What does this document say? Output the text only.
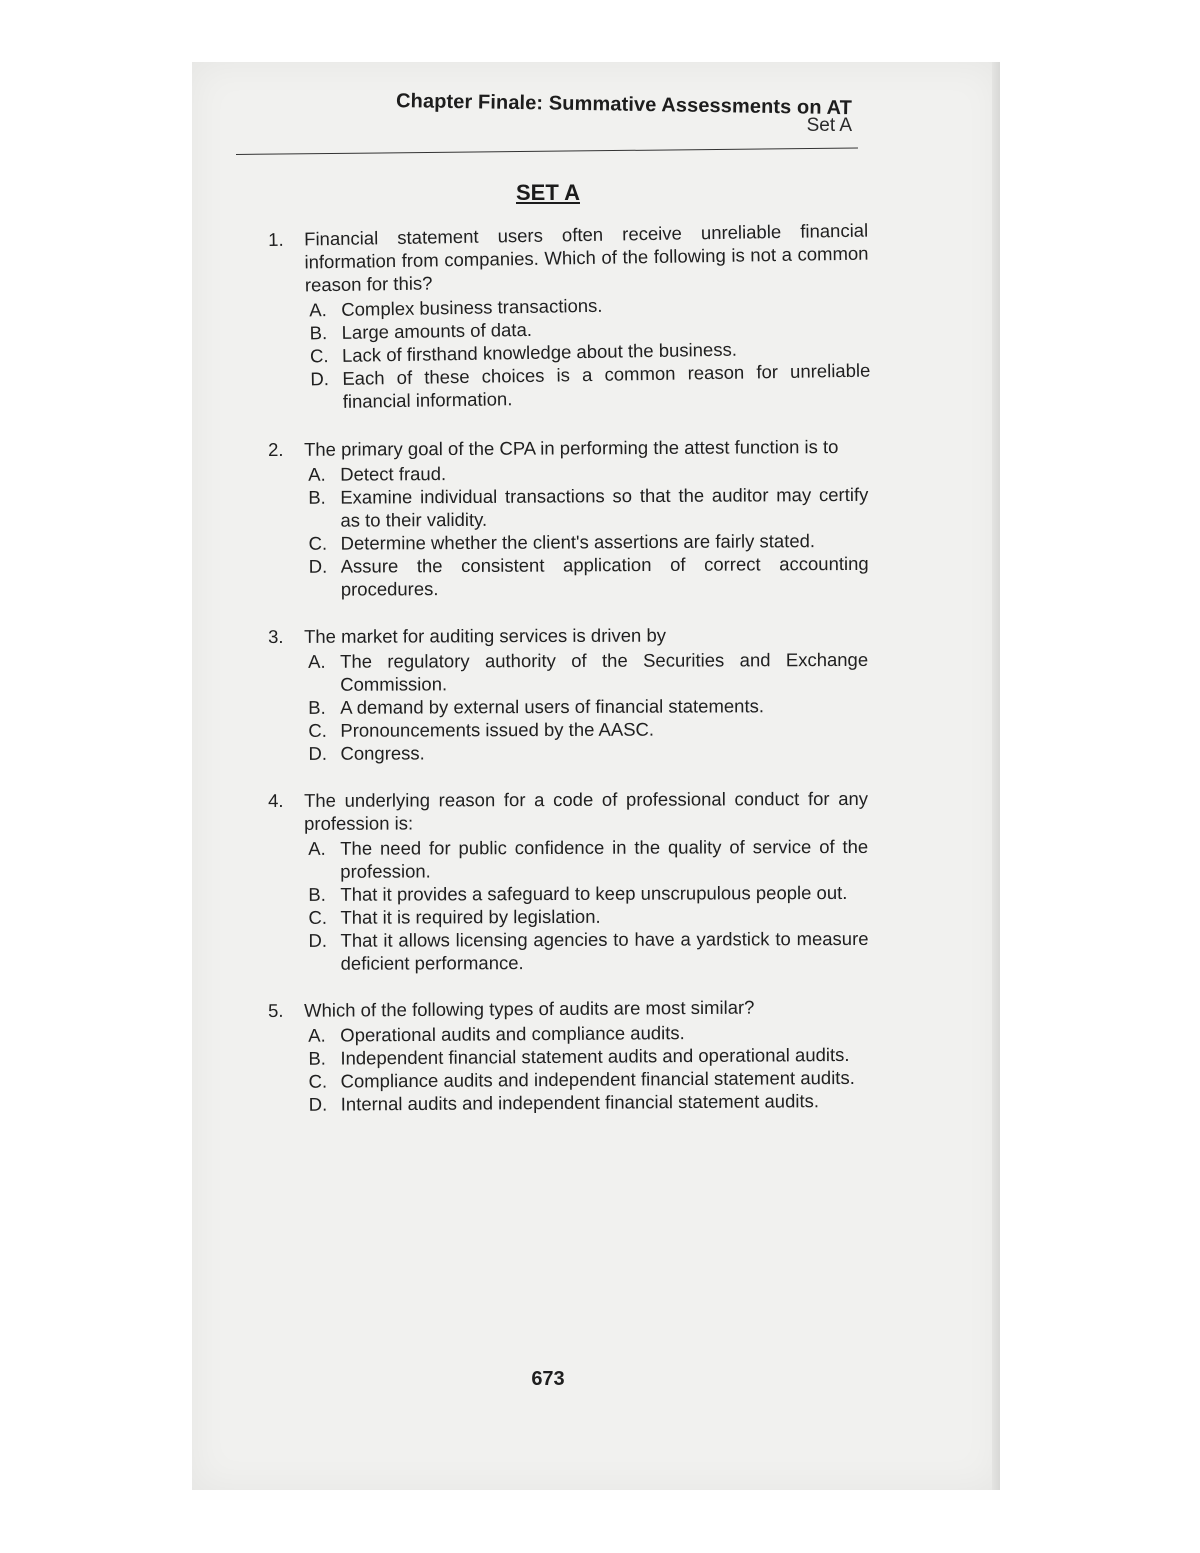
Chapter Finale: Summative Assessments on AT
Set A
SET A
1.	Financial statement users often receive unreliable financial information from companies. Which of the following is not a common reason for this?
A. Complex business transactions.
B. Large amounts of data.
C. Lack of firsthand knowledge about the business.
D. Each of these choices is a common reason for unreliable financial information.
2.	The primary goal of the CPA in performing the attest function is to
A. Detect fraud.
B. Examine individual transactions so that the auditor may certify as to their validity.
C. Determine whether the client's assertions are fairly stated.
D. Assure the consistent application of correct accounting procedures.
3.	The market for auditing services is driven by
A. The regulatory authority of the Securities and Exchange Commission.
B. A demand by external users of financial statements.
C. Pronouncements issued by the AASC.
D. Congress.
4.	The underlying reason for a code of professional conduct for any profession is:
A. The need for public confidence in the quality of service of the profession.
B. That it provides a safeguard to keep unscrupulous people out.
C. That it is required by legislation.
D. That it allows licensing agencies to have a yardstick to measure deficient performance.
5.	Which of the following types of audits are most similar?
A. Operational audits and compliance audits.
B. Independent financial statement audits and operational audits.
C. Compliance audits and independent financial statement audits.
D. Internal audits and independent financial statement audits.
673
